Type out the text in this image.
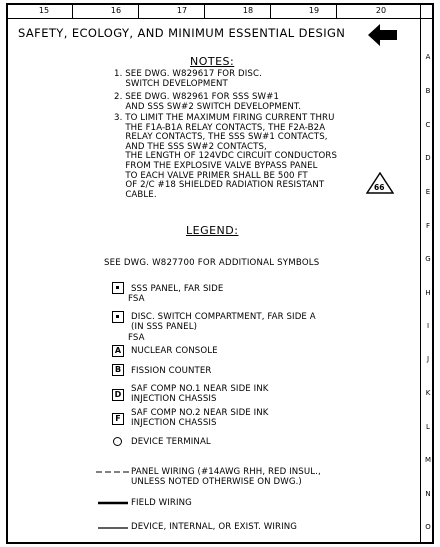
15	16	17	18	19	20
A
B
C
D
E
F
G
H
I
J
K
L
M
N
O
SAFETY, ECOLOGY, AND MINIMUM ESSENTIAL DESIGN
NOTES:
1. SEE DWG. W829617 FOR DISC.
SWITCH DEVELOPMENT
2. SEE DWG. W82961 FOR SSS SW#1
AND SSS SW#2 SWITCH DEVELOPMENT.
3. TO LIMIT THE MAXIMUM FIRING CURRENT THRU
THE F1A-B1A RELAY CONTACTS, THE F2A-B2A
RELAY CONTACTS, THE SSS SW#1 CONTACTS,
AND THE SSS SW#2 CONTACTS,
THE LENGTH OF 124VDC CIRCUIT CONDUCTORS
FROM THE EXPLOSIVE VALVE BYPASS PANEL
TO EACH VALVE PRIMER SHALL BE 500 FT
OF 2/C #18 SHIELDED RADIATION RESISTANT
CABLE.
66
LEGEND:
SEE DWG. W827700 FOR ADDITIONAL SYMBOLS
SSS PANEL, FAR SIDE
FSA
DISC. SWITCH COMPARTMENT, FAR SIDE A
(IN SSS PANEL)
FSA
A	NUCLEAR CONSOLE
B	FISSION COUNTER
D
SAF COMP NO.1 NEAR SIDE INK
INJECTION CHASSIS
F
SAF COMP NO.2 NEAR SIDE INK
INJECTION CHASSIS
DEVICE TERMINAL
PANEL WIRING (#14AWG RHH, RED INSUL.,
UNLESS NOTED OTHERWISE ON DWG.)
FIELD WIRING
DEVICE, INTERNAL, OR EXIST. WIRING
